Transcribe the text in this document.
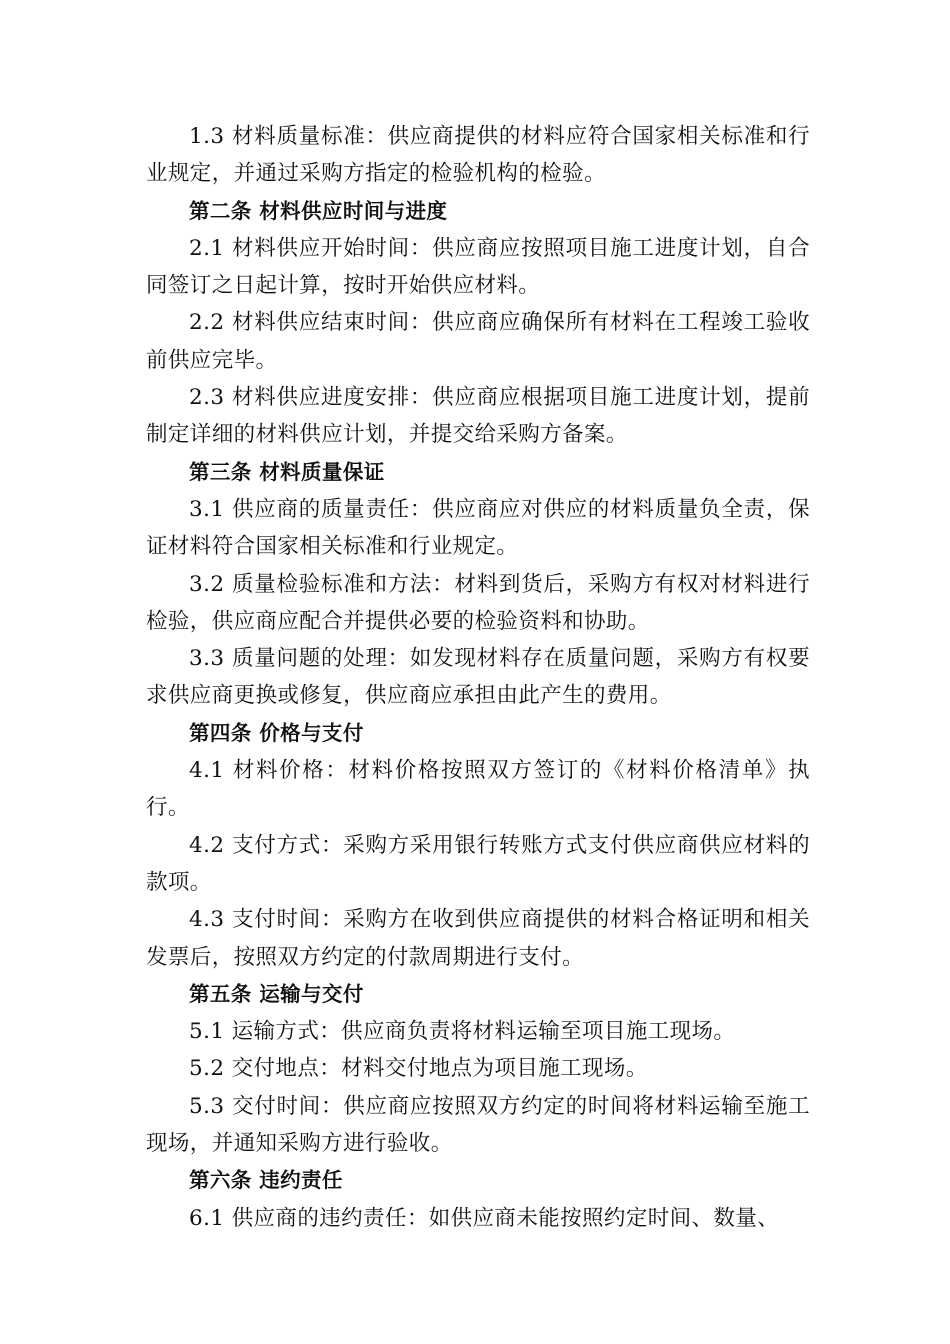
1.3 材料质量标准：供应商提供的材料应符合国家相关标准和行业规定，并通过采购方指定的检验机构的检验。

第二条 材料供应时间与进度

2.1 材料供应开始时间：供应商应按照项目施工进度计划，自合同签订之日起计算，按时开始供应材料。

2.2 材料供应结束时间：供应商应确保所有材料在工程竣工验收前供应完毕。

2.3 材料供应进度安排：供应商应根据项目施工进度计划，提前制定详细的材料供应计划，并提交给采购方备案。

第三条 材料质量保证

3.1 供应商的质量责任：供应商应对供应的材料质量负全责，保证材料符合国家相关标准和行业规定。

3.2 质量检验标准和方法：材料到货后，采购方有权对材料进行检验，供应商应配合并提供必要的检验资料和协助。

3.3 质量问题的处理：如发现材料存在质量问题，采购方有权要求供应商更换或修复，供应商应承担由此产生的费用。

第四条 价格与支付

4.1 材料价格：材料价格按照双方签订的《材料价格清单》执行。

4.2 支付方式：采购方采用银行转账方式支付供应商供应材料的款项。

4.3 支付时间：采购方在收到供应商提供的材料合格证明和相关发票后，按照双方约定的付款周期进行支付。

第五条 运输与交付

5.1 运输方式：供应商负责将材料运输至项目施工现场。

5.2 交付地点：材料交付地点为项目施工现场。

5.3 交付时间：供应商应按照双方约定的时间将材料运输至施工现场，并通知采购方进行验收。

第六条 违约责任

6.1 供应商的违约责任：如供应商未能按照约定时间、数量、
